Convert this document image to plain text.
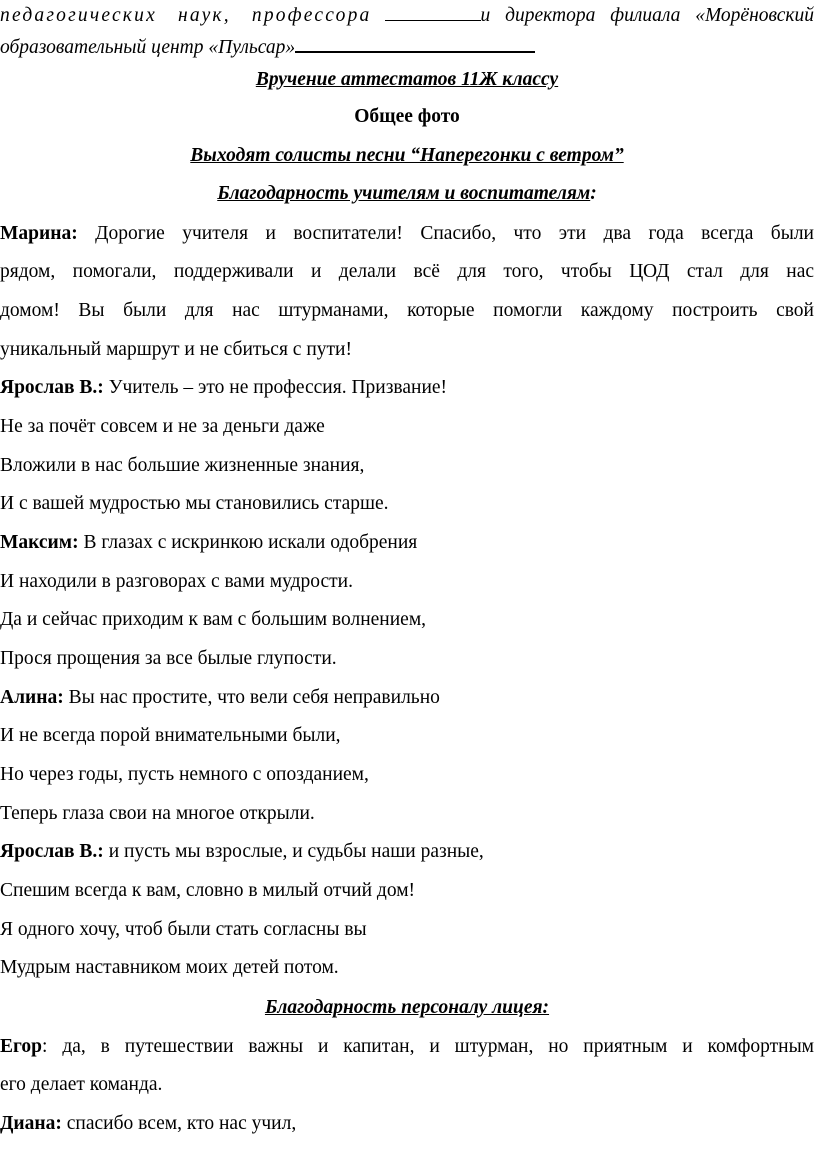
педагогических наук, профессора	и директора филиала «Морёновский
образовательный центр «Пульсар»
Вручение аттестатов 11Ж классу
Общее фото
Выходят солисты песни “Наперегонки с ветром”
Благодарность учителям и воспитателям:
Марина: Дорогие учителя и воспитатели! Спасибо, что эти два года всегда были
рядом, помогали, поддерживали и делали всё для того, чтобы ЦОД стал для нас
домом! Вы были для нас штурманами, которые помогли каждому построить свой
уникальный маршрут и не сбиться с пути!
Ярослав В.: Учитель – это не профессия. Призвание!
Не за почёт совсем и не за деньги даже
Вложили в нас большие жизненные знания,
И с вашей мудростью мы становились старше.
Максим: В глазах с искринкою искали одобрения
И находили в разговорах с вами мудрости.
Да и сейчас приходим к вам с большим волнением,
Прося прощения за все былые глупости.
Алина: Вы нас простите, что вели себя неправильно
И не всегда порой внимательными были,
Но через годы, пусть немного с опозданием,
Теперь глаза свои на многое открыли.
Ярослав В.: и пусть мы взрослые, и судьбы наши разные,
Спешим всегда к вам, словно в милый отчий дом!
Я одного хочу, чтоб были стать согласны вы
Мудрым наставником моих детей потом.
Благодарность персоналу лицея:
Егор: да, в путешествии важны и капитан, и штурман, но приятным и комфортным
его делает команда.
Диана: спасибо всем, кто нас учил,
